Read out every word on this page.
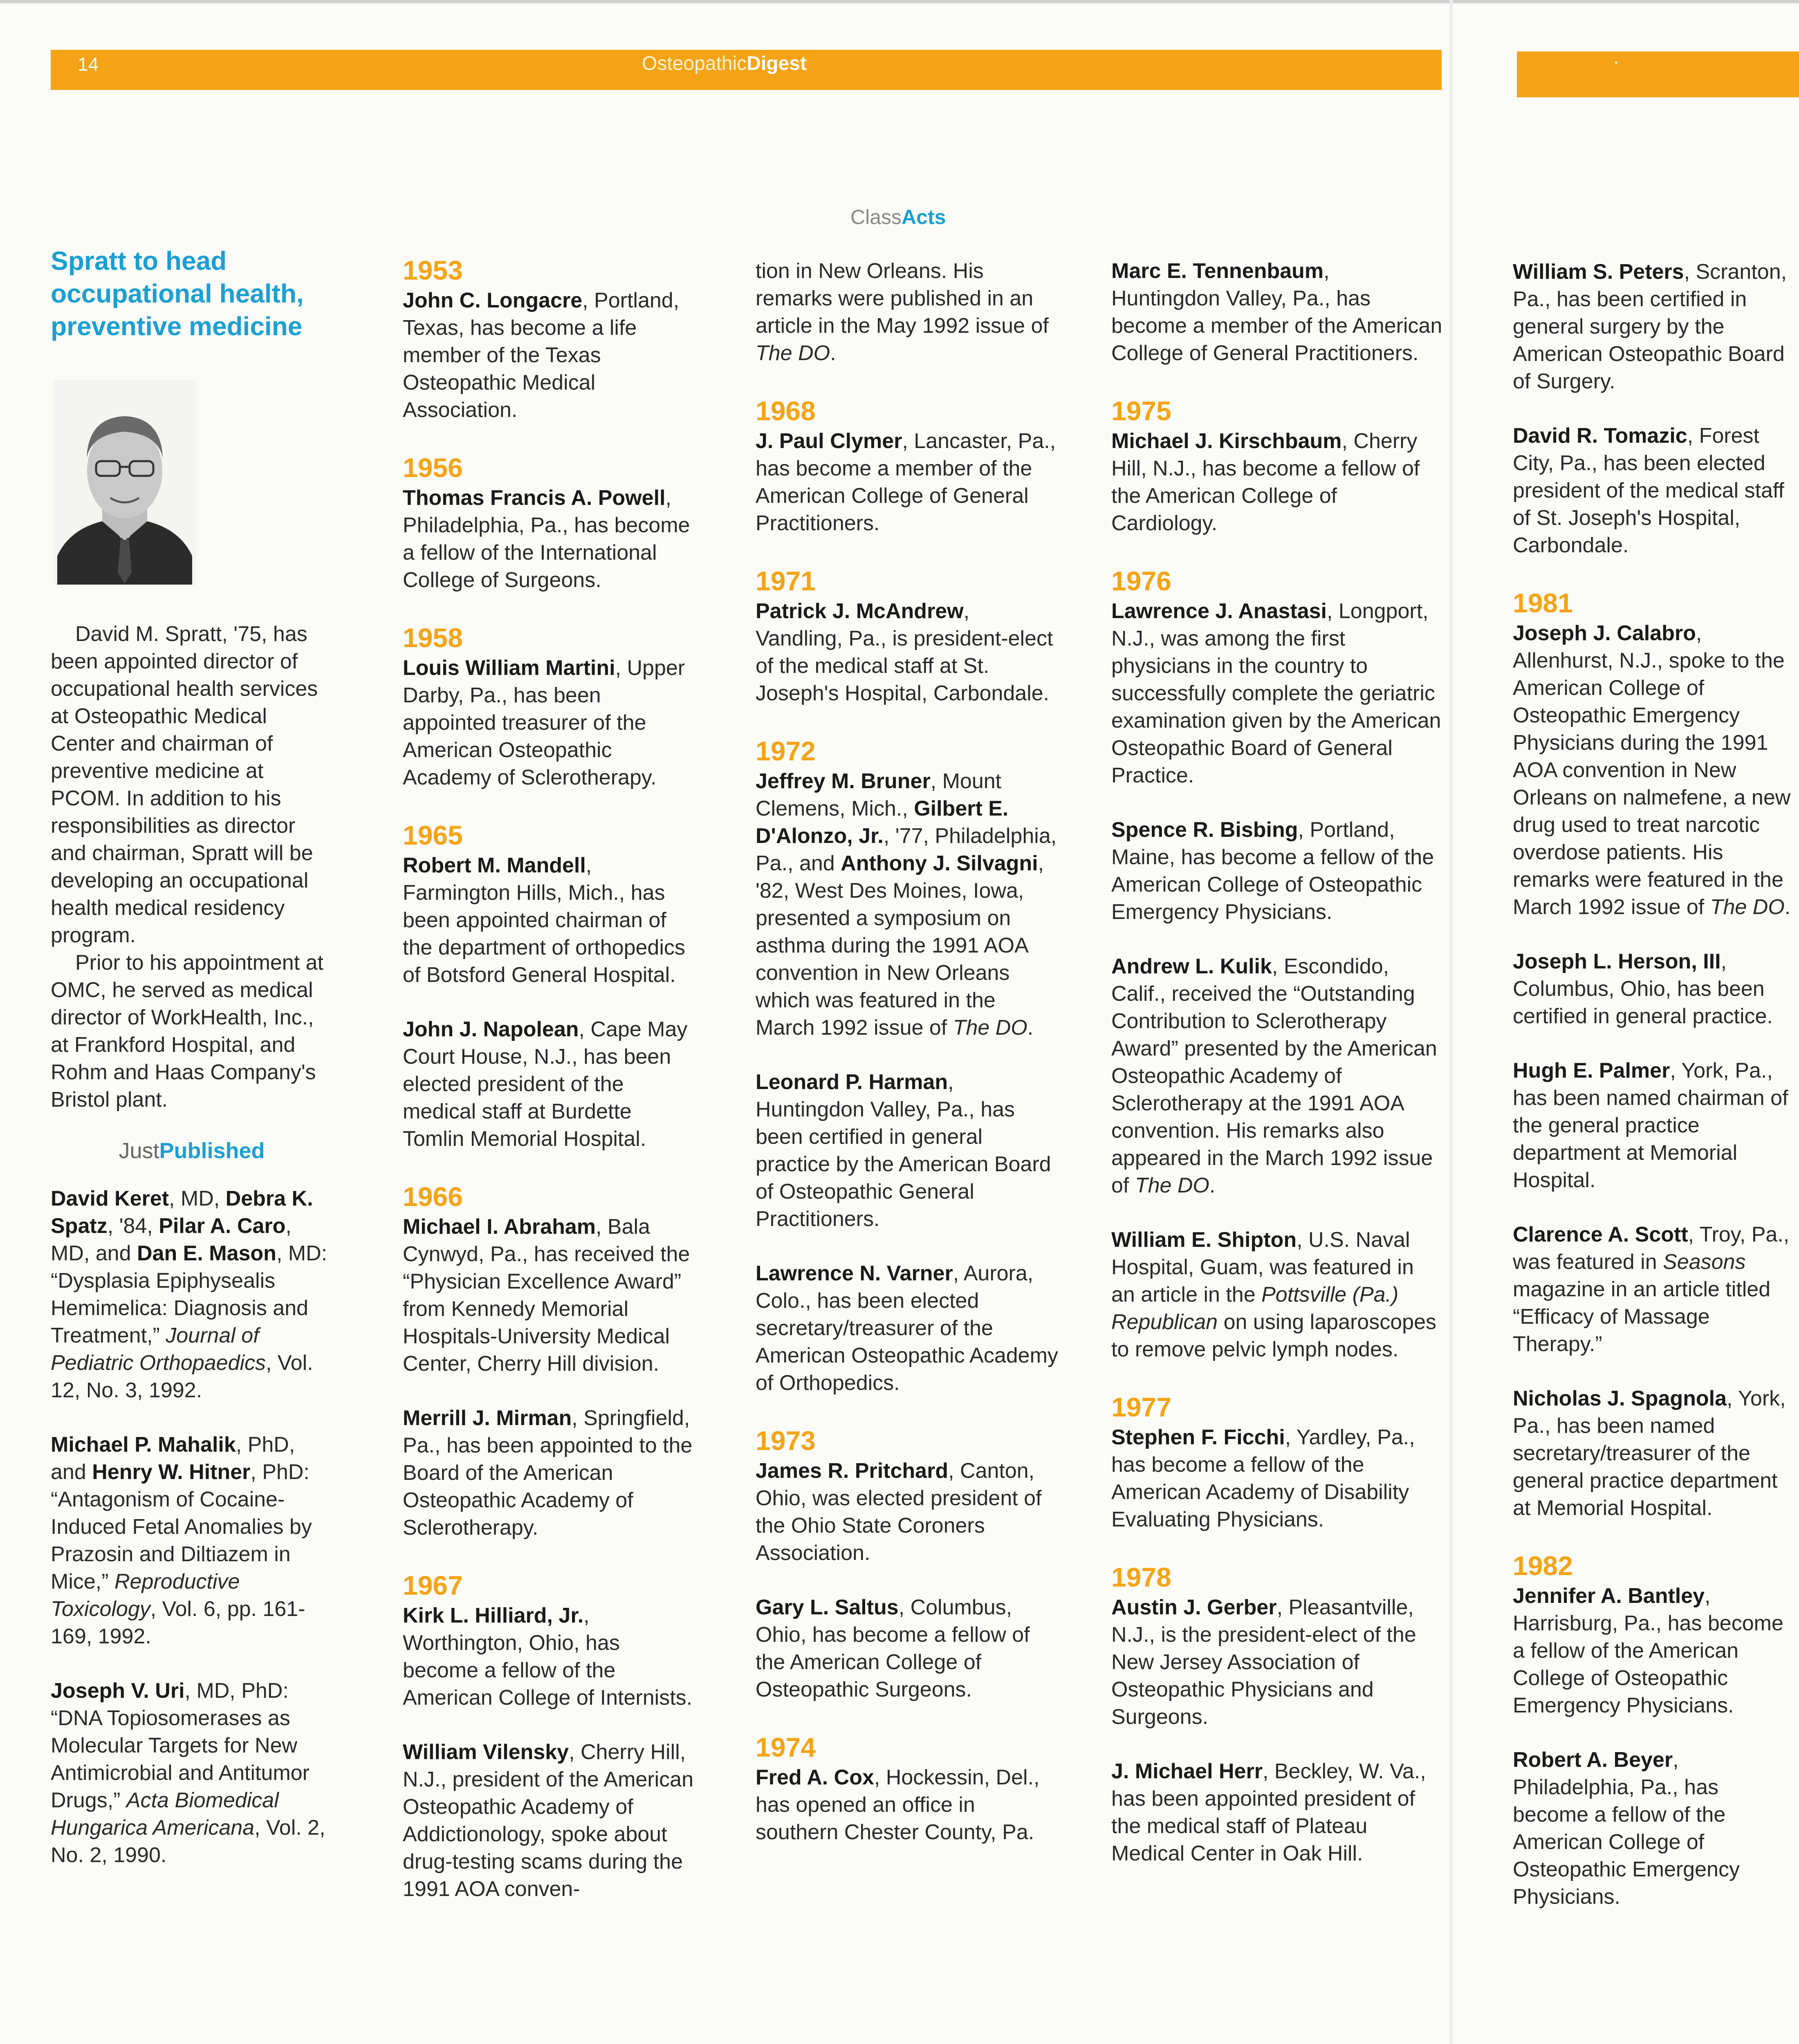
14	OsteopathicDigest
ClassActs
Spratt to head occupational health, preventive medicine

David M. Spratt, '75, has been appointed director of occupational health services at Osteopathic Medical Center and chairman of preventive medicine at PCOM. In addition to his responsibilities as director and chairman, Spratt will be developing an occupational health medical residency program.

Prior to his appointment at OMC, he served as medical director of WorkHealth, Inc., at Frankford Hospital, and Rohm and Haas Company's Bristol plant.

JustPublished

David Keret, MD, Debra K. Spatz, '84, Pilar A. Caro, MD, and Dan E. Mason, MD: “Dysplasia Epiphysealis Hemimelica: Diagnosis and Treatment,” Journal of Pediatric Orthopaedics, Vol. 12, No. 3, 1992.

Michael P. Mahalik, PhD, and Henry W. Hitner, PhD: “Antagonism of Cocaine-Induced Fetal Anomalies by Prazosin and Diltiazem in Mice,” Reproductive Toxicology, Vol. 6, pp. 161-169, 1992.

Joseph V. Uri, MD, PhD: “DNA Topiosomerases as Molecular Targets for New Antimicrobial and Antitumor Drugs,” Acta Biomedical Hungarica Americana, Vol. 2, No. 2, 1990.

1953

John C. Longacre, Portland, Texas, has become a life member of the Texas Osteopathic Medical Association.

1956

Thomas Francis A. Powell, Philadelphia, Pa., has become a fellow of the International College of Surgeons.

1958

Louis William Martini, Upper Darby, Pa., has been appointed treasurer of the American Osteopathic Academy of Sclerotherapy.

1965

Robert M. Mandell, Farmington Hills, Mich., has been appointed chairman of the department of orthopedics of Botsford General Hospital.

John J. Napolean, Cape May Court House, N.J., has been elected president of the medical staff at Burdette Tomlin Memorial Hospital.

1966

Michael I. Abraham, Bala Cynwyd, Pa., has received the “Physician Excellence Award” from Kennedy Memorial Hospitals-University Medical Center, Cherry Hill division.

Merrill J. Mirman, Springfield, Pa., has been appointed to the Board of the American Osteopathic Academy of Sclerotherapy.

1967

Kirk L. Hilliard, Jr., Worthington, Ohio, has become a fellow of the American College of Internists.

William Vilensky, Cherry Hill, N.J., president of the American Osteopathic Academy of Addictionology, spoke about drug-testing scams during the 1991 AOA conven-

tion in New Orleans. His remarks were published in an article in the May 1992 issue of The DO.

1968

J. Paul Clymer, Lancaster, Pa., has become a member of the American College of General Practitioners.

1971

Patrick J. McAndrew, Vandling, Pa., is president-elect of the medical staff at St. Joseph's Hospital, Carbondale.

1972

Jeffrey M. Bruner, Mount Clemens, Mich., Gilbert E. D'Alonzo, Jr., '77, Philadelphia, Pa., and Anthony J. Silvagni, '82, West Des Moines, Iowa, presented a symposium on asthma during the 1991 AOA convention in New Orleans which was featured in the March 1992 issue of The DO.

Leonard P. Harman, Huntingdon Valley, Pa., has been certified in general practice by the American Board of Osteopathic General Practitioners.

Lawrence N. Varner, Aurora, Colo., has been elected secretary/treasurer of the American Osteopathic Academy of Orthopedics.

1973

James R. Pritchard, Canton, Ohio, was elected president of the Ohio State Coroners Association.

Gary L. Saltus, Columbus, Ohio, has become a fellow of the American College of Osteopathic Surgeons.

1974

Fred A. Cox, Hockessin, Del., has opened an office in southern Chester County, Pa.

Marc E. Tennenbaum, Huntingdon Valley, Pa., has become a member of the American College of General Practitioners.

1975

Michael J. Kirschbaum, Cherry Hill, N.J., has become a fellow of the American College of Cardiology.

1976

Lawrence J. Anastasi, Longport, N.J., was among the first physicians in the country to successfully complete the geriatric examination given by the American Osteopathic Board of General Practice.

Spence R. Bisbing, Portland, Maine, has become a fellow of the American College of Osteopathic Emergency Physicians.

Andrew L. Kulik, Escondido, Calif., received the “Outstanding Contribution to Sclerotherapy Award” presented by the American Osteopathic Academy of Sclerotherapy at the 1991 AOA convention. His remarks also appeared in the March 1992 issue of The DO.

William E. Shipton, U.S. Naval Hospital, Guam, was featured in an article in the Pottsville (Pa.) Republican on using laparoscopes to remove pelvic lymph nodes.

1977

Stephen F. Ficchi, Yardley, Pa., has become a fellow of the American Academy of Disability Evaluating Physicians.

1978

Austin J. Gerber, Pleasantville, N.J., is the president-elect of the New Jersey Association of Osteopathic Physicians and Surgeons.

J. Michael Herr, Beckley, W. Va., has been appointed president of the medical staff of Plateau Medical Center in Oak Hill.

William S. Peters, Scranton, Pa., has been certified in general surgery by the American Osteopathic Board of Surgery.

David R. Tomazic, Forest City, Pa., has been elected president of the medical staff of St. Joseph's Hospital, Carbondale.

1981

Joseph J. Calabro, Allenhurst, N.J., spoke to the American College of Osteopathic Emergency Physicians during the 1991 AOA convention in New Orleans on nalmefene, a new drug used to treat narcotic overdose patients. His remarks were featured in the March 1992 issue of The DO.

Joseph L. Herson, III, Columbus, Ohio, has been certified in general practice.

Hugh E. Palmer, York, Pa., has been named chairman of the general practice department at Memorial Hospital.

Clarence A. Scott, Troy, Pa., was featured in Seasons magazine in an article titled “Efficacy of Massage Therapy.”

Nicholas J. Spagnola, York, Pa., has been named secretary/treasurer of the general practice department at Memorial Hospital.

1982

Jennifer A. Bantley, Harrisburg, Pa., has become a fellow of the American College of Osteopathic Emergency Physicians.

Robert A. Beyer, Philadelphia, Pa., has become a fellow of the American College of Osteopathic Emergency Physicians.
